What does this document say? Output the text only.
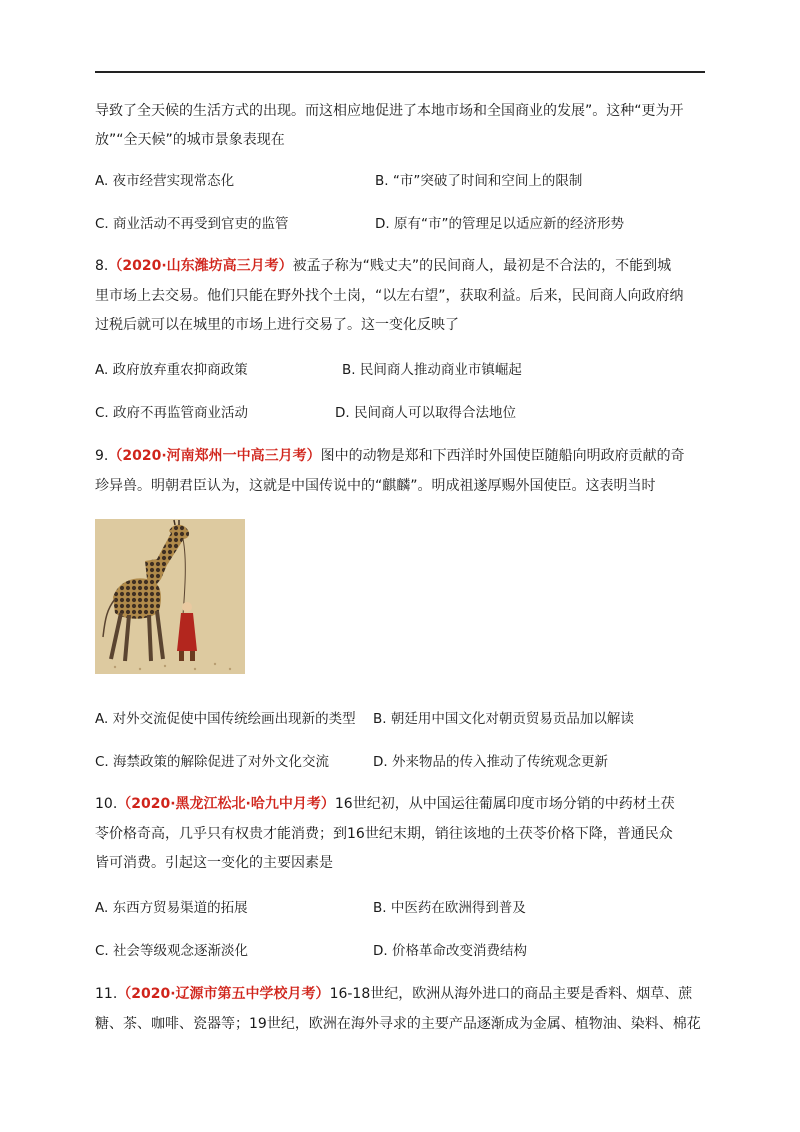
导致了全天候的生活方式的出现。而这相应地促进了本地市场和全国商业的发展”。这种“更为开
放”“全天候”的城市景象表现在
A. 夜市经营实现常态化	B. “市”突破了时间和空间上的限制
C. 商业活动不再受到官吏的监管	D. 原有“市”的管理足以适应新的经济形势
8.（2020·山东潍坊高三月考）被孟子称为“贱丈夫”的民间商人，最初是不合法的，不能到城
里市场上去交易。他们只能在野外找个土岗，“以左右望”，获取利益。后来，民间商人向政府纳
过税后就可以在城里的市场上进行交易了。这一变化反映了
A. 政府放弃重农抑商政策	B. 民间商人推动商业市镇崛起
C. 政府不再监管商业活动	D. 民间商人可以取得合法地位
9.（2020·河南郑州一中高三月考）图中的动物是郑和下西洋时外国使臣随船向明政府贡献的奇
珍异兽。明朝君臣认为，这就是中国传说中的“麒麟”。明成祖遂厚赐外国使臣。这表明当时
A. 对外交流促使中国传统绘画出现新的类型 B. 朝廷用中国文化对朝贡贸易贡品加以解读
C. 海禁政策的解除促进了对外文化交流	D. 外来物品的传入推动了传统观念更新
10.（2020·黑龙江松北·哈九中月考）16世纪初，从中国运往葡属印度市场分销的中药材土茯
苓价格奇高，几乎只有权贵才能消费；到16世纪末期，销往该地的土茯苓价格下降，普通民众
皆可消费。引起这一变化的主要因素是
A. 东西方贸易渠道的拓展	B. 中医药在欧洲得到普及
C. 社会等级观念逐渐淡化	D. 价格革命改变消费结构
11.（2020·辽源市第五中学校月考）16-18世纪，欧洲从海外进口的商品主要是香料、烟草、蔗
糖、茶、咖啡、瓷器等；19世纪，欧洲在海外寻求的主要产品逐渐成为金属、植物油、染料、棉花
